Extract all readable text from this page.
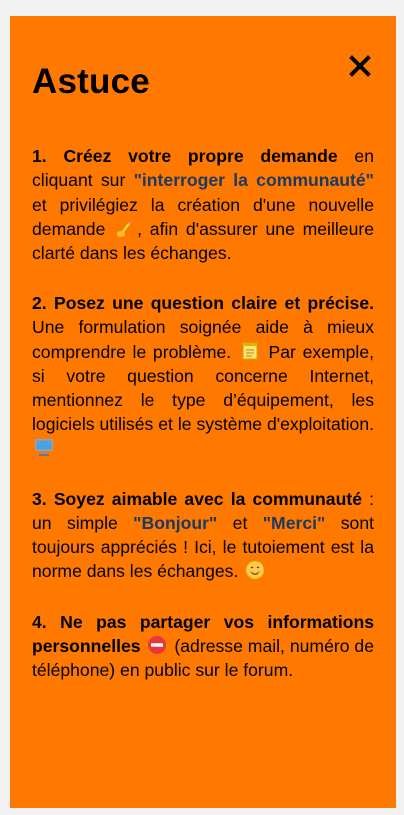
Astuce

1. Créez votre propre demande en cliquant sur "interroger la communauté" et privilégiez la création d'une nouvelle demande , afin d'assurer une meilleure clarté dans les échanges.

2. Posez une question claire et précise. Une formulation soignée aide à mieux comprendre le problème.  Par exemple, si votre question concerne Internet, mentionnez le type d’équipement, les logiciels utilisés et le système d'exploitation.

3. Soyez aimable avec la communauté : un simple "Bonjour" et "Merci" sont toujours appréciés ! Ici, le tutoiement est la norme dans les échanges.

4. Ne pas partager vos informations personnelles  (adresse mail, numéro de téléphone) en public sur le forum.
